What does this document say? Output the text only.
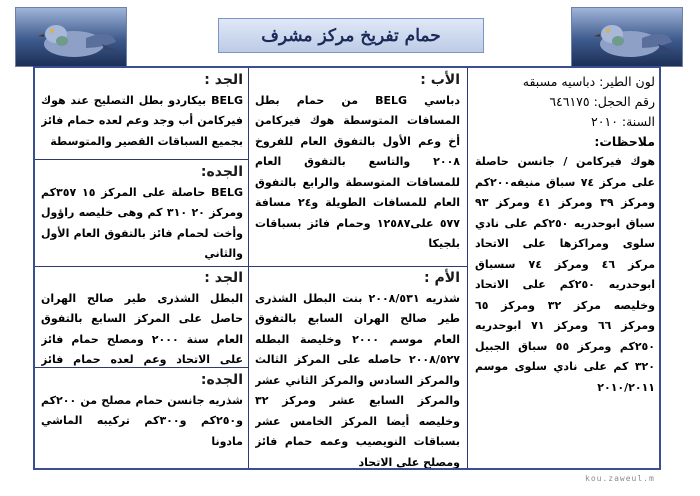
حمام تفريخ مركز مشرف
لون الطير: دباسيه مسبقه
رقم الحجل: ٦٤٦١٧٥
السنة: ٢٠١٠
ملاحظات:
هوك فيركامن / جانسن حاصلة على مركز ٧٤ سباق منيفه٢٠٠كم ومركز ٣٩ ومركز ٤١ ومركز ٩٣ سباق ابوحدريه ٢٥٠كم على نادي سلوى ومراكزها على الاتحاد مركز ٤٦ ومركز ٧٤ سسباق ابوحدريه ٢٥٠كم على الاتحاد وخليصه مركز ٣٢ ومركز ٦٥ ومركز ٦٦ ومركز ٧١ ابوحدريه ٢٥٠كم ومركز ٥٥ سباق الجبيل ٣٢٠ كم على نادي سلوى موسم ٢٠١٠/٢٠١١
الأب :
دباسي BELG من حمام بطل المسافات المتوسطة هوك فيركامن أخ وعم الأول بالتفوق العام للفروخ ٢٠٠٨ والتاسع بالتفوق العام للمسافات المتوسطة والرابع بالتفوق العام للمسافات الطويلة و٢٤ مسافة ٥٧٧ على١٢٥٨٧ وحمام فائز بسباقات بلجيكا
الأم :
شذريه ٢٠٠٨/٥٣١ بنت البطل الشذرى طير صالح الهران السابع بالتفوق العام موسم ٢٠٠٠ وخليصة البطله ٢٠٠٨/٥٢٧ حاصله على المركز الثالث والمركز السادس والمركز الثاني عشر والمركز السابع عشر ومركز ٣٢ وخليصه أيضا المركز الخامس عشر بسباقات النويصيب وعمه حمام فائز ومصلح على الاتحاد
الجد :
BELG بيكاردو بطل التصليح عند هوك فيركامن أب وجد وعم لعده حمام فائز بجميع السباقات القصير والمتوسطة
الجده:
BELG حاصلة على المركز ١٥ ٣٥٧كم ومركز ٢٠ ٣١٠ كم وهى خليصه راؤول وأخت لحمام فائز بالتفوق العام الأول والثاني
الجد :
البطل الشذرى طير صالح الهران حاصل على المركز السابع بالتفوق العام سنة ٢٠٠٠ ومصلح حمام فائز على الاتحاد وعم لعده حمام فائز
الجده:
شذريه جانسن حمام مصلح من ٢٠٠كم و٢٥٠كم و٣٠٠كم تركيبه الماشي مادونا
kou.zaweul.m
